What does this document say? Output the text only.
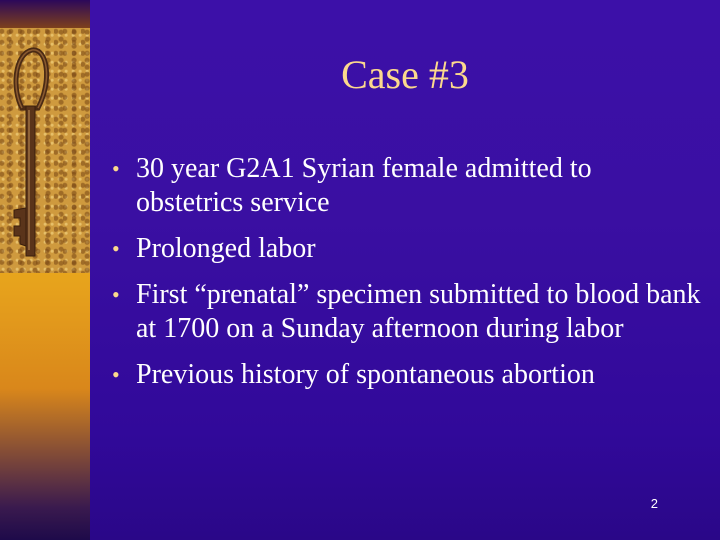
Case #3
• 30 year G2A1 Syrian female admitted to obstetrics service
• Prolonged labor
• First “prenatal” specimen submitted to blood bank at 1700 on a Sunday afternoon during labor
• Previous history of spontaneous abortion
2
